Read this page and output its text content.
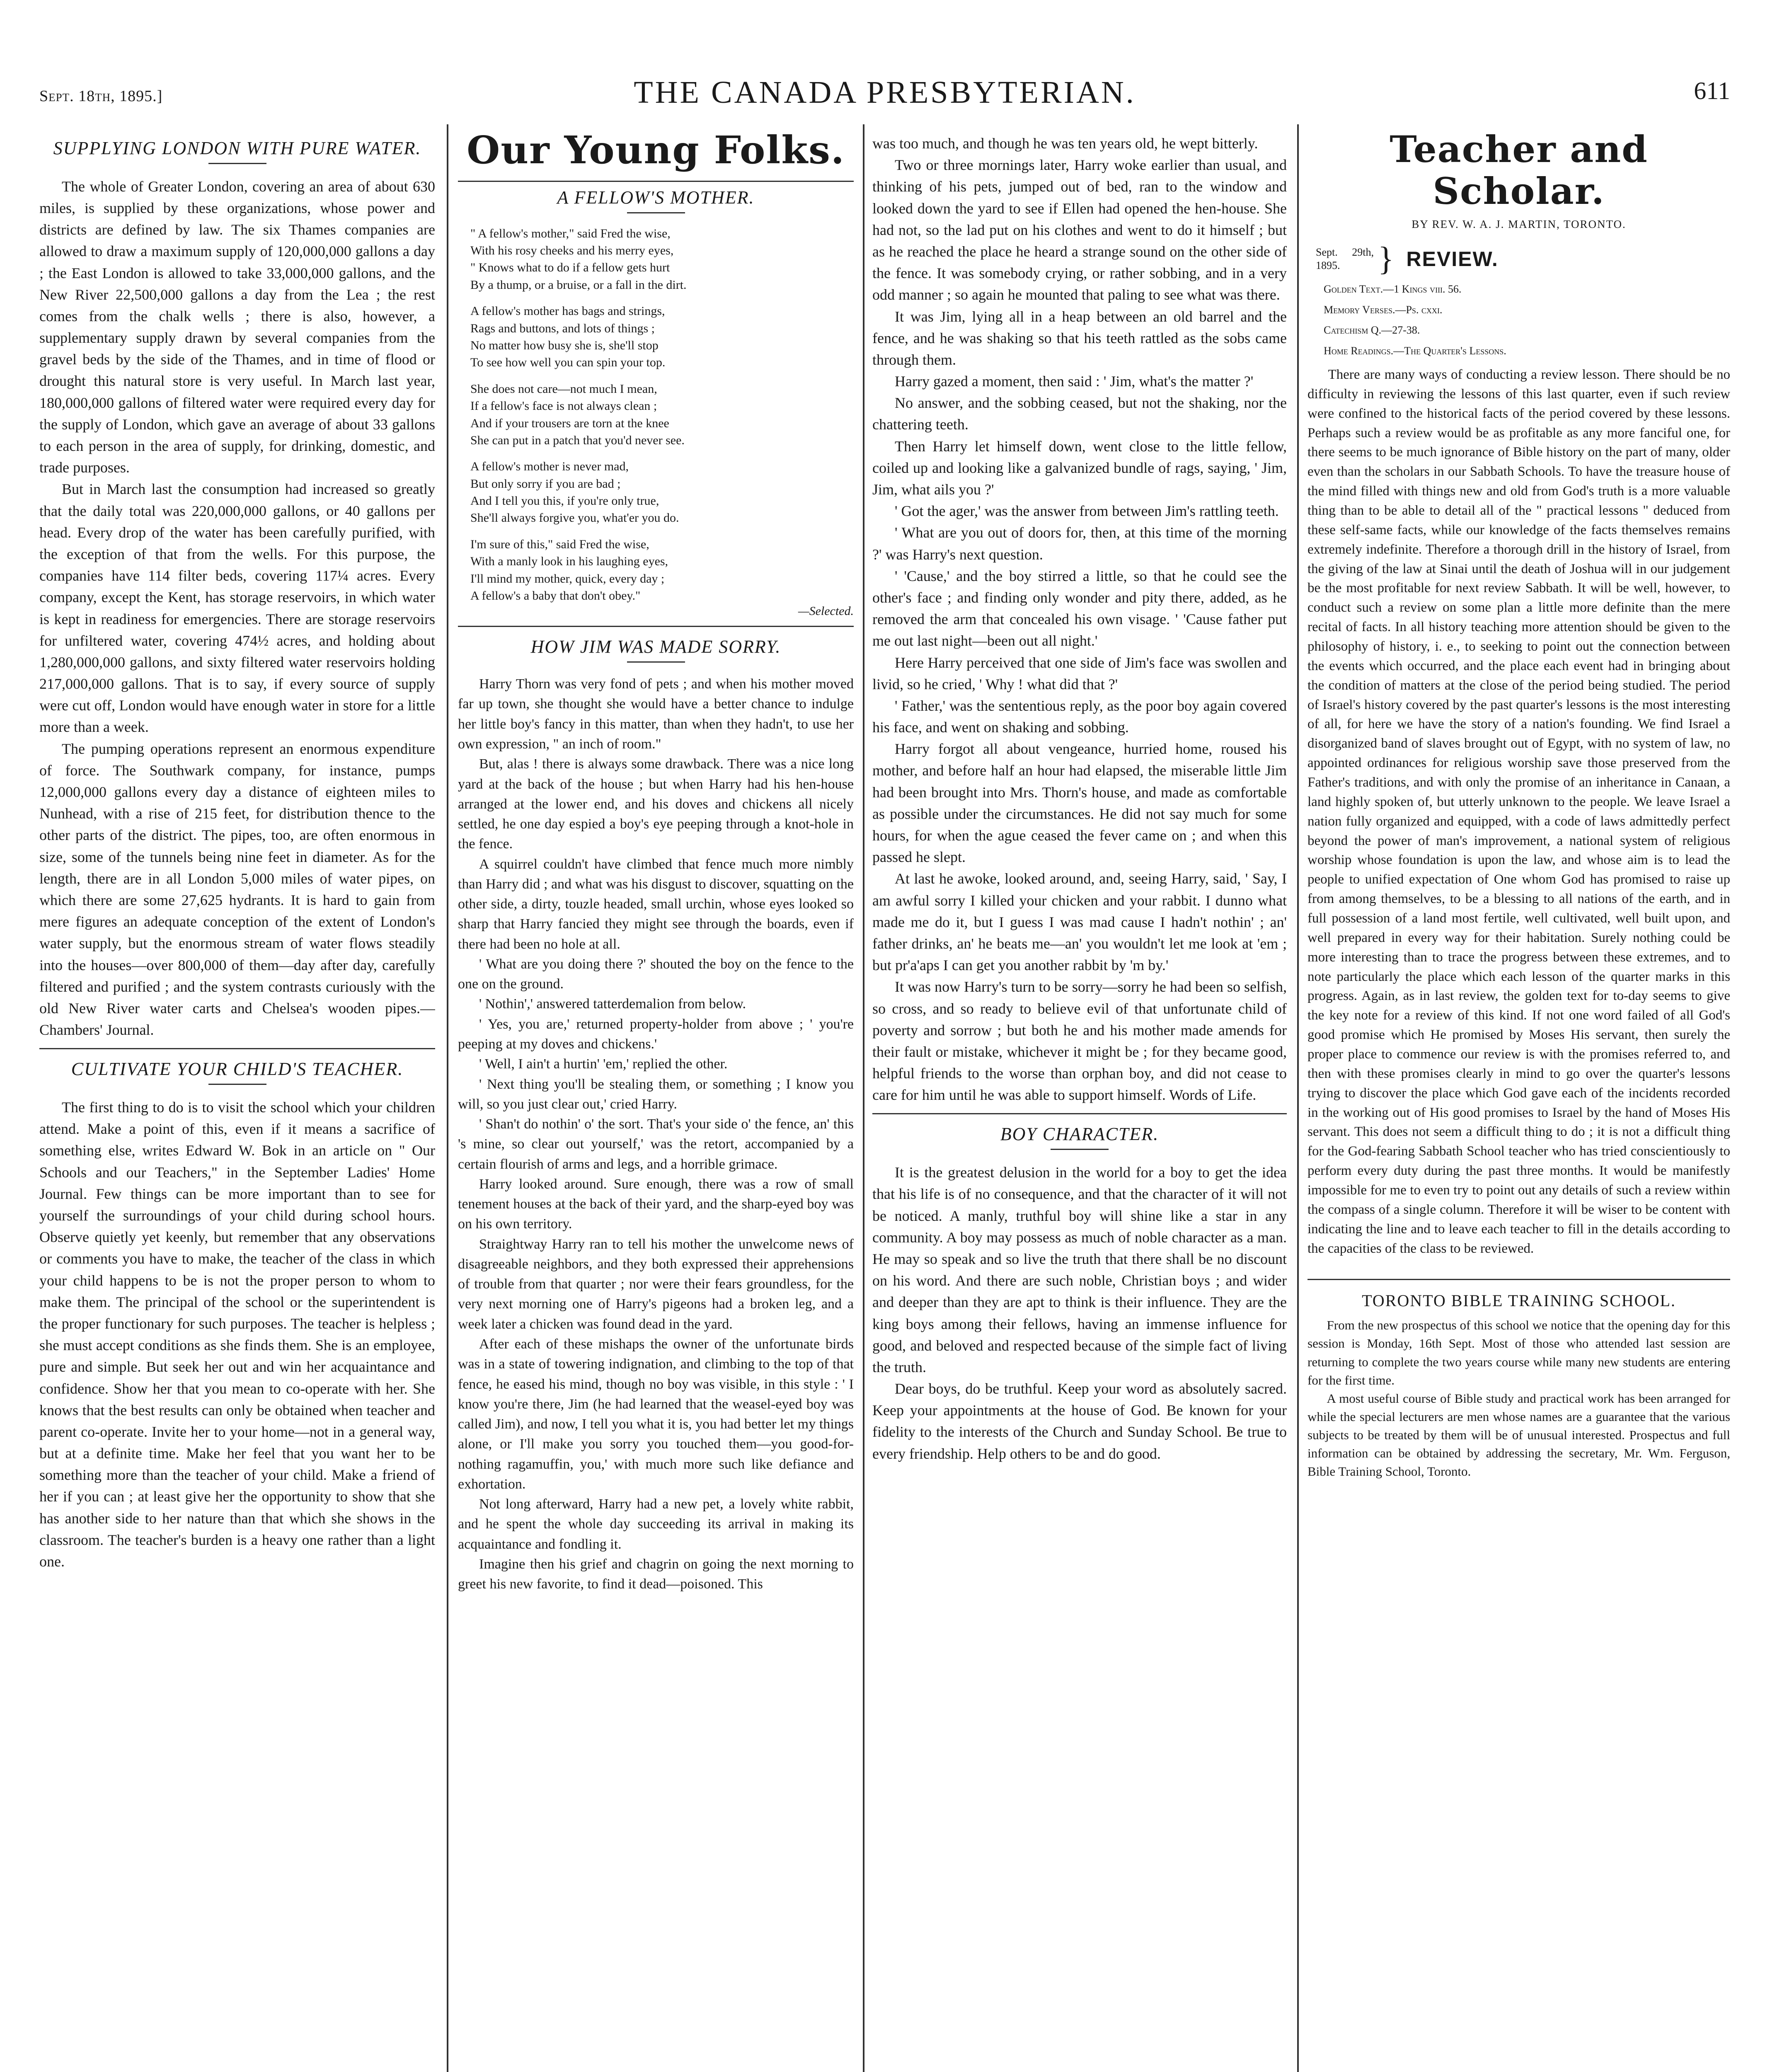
Sept. 18th, 1895.]	THE CANADA PRESBYTERIAN.	611
SUPPLYING LONDON WITH PURE WATER.

The whole of Greater London, covering an area of about 630 miles, is supplied by these organizations, whose power and districts are defined by law. The six Thames companies are allowed to draw a maximum supply of 120,000,000 gallons a day ; the East London is allowed to take 33,000,000 gallons, and the New River 22,500,000 gallons a day from the Lea ; the rest comes from the chalk wells ; there is also, however, a supplementary supply drawn by several companies from the gravel beds by the side of the Thames, and in time of flood or drought this natural store is very useful. In March last year, 180,000,000 gallons of filtered water were required every day for the supply of London, which gave an average of about 33 gallons to each person in the area of supply, for drinking, domestic, and trade purposes.

But in March last the consumption had increased so greatly that the daily total was 220,000,000 gallons, or 40 gallons per head. Every drop of the water has been carefully purified, with the exception of that from the wells. For this purpose, the companies have 114 filter beds, covering 117¼ acres. Every company, except the Kent, has storage reservoirs, in which water is kept in readiness for emergencies. There are storage reservoirs for unfiltered water, covering 474½ acres, and holding about 1,280,000,000 gallons, and sixty filtered water reservoirs holding 217,000,000 gallons. That is to say, if every source of supply were cut off, London would have enough water in store for a little more than a week.

The pumping operations represent an enormous expenditure of force. The Southwark company, for instance, pumps 12,000,000 gallons every day a distance of eighteen miles to Nunhead, with a rise of 215 feet, for distribution thence to the other parts of the district. The pipes, too, are often enormous in size, some of the tunnels being nine feet in diameter. As for the length, there are in all London 5,000 miles of water pipes, on which there are some 27,625 hydrants. It is hard to gain from mere figures an adequate conception of the extent of London's water supply, but the enormous stream of water flows steadily into the houses—over 800,000 of them—day after day, carefully filtered and purified ; and the system contrasts curiously with the old New River water carts and Chelsea's wooden pipes.—Chambers' Journal.

CULTIVATE YOUR CHILD'S TEACHER.

The first thing to do is to visit the school which your children attend. Make a point of this, even if it means a sacrifice of something else, writes Edward W. Bok in an article on " Our Schools and our Teachers," in the September Ladies' Home Journal. Few things can be more important than to see for yourself the surroundings of your child during school hours. Observe quietly yet keenly, but remember that any observations or comments you have to make, the teacher of the class in which your child happens to be is not the proper person to whom to make them. The principal of the school or the superintendent is the proper functionary for such purposes. The teacher is helpless ; she must accept conditions as she finds them. She is an employee, pure and simple. But seek her out and win her acquaintance and confidence. Show her that you mean to co-operate with her. She knows that the best results can only be obtained when teacher and parent co-operate. Invite her to your home—not in a general way, but at a definite time. Make her feel that you want her to be something more than the teacher of your child. Make a friend of her if you can ; at least give her the opportunity to show that she has another side to her nature than that which she shows in the classroom. The teacher's burden is a heavy one rather than a light one.

Our Young Folks.
A FELLOW'S MOTHER.
" A fellow's mother," said Fred the wise,
With his rosy cheeks and his merry eyes,
" Knows what to do if a fellow gets hurt
By a thump, or a bruise, or a fall in the dirt.
A fellow's mother has bags and strings,
Rags and buttons, and lots of things ;
No matter how busy she is, she'll stop
To see how well you can spin your top.
She does not care—not much I mean,
If a fellow's face is not always clean ;
And if your trousers are torn at the knee
She can put in a patch that you'd never see.
A fellow's mother is never mad,
But only sorry if you are bad ;
And I tell you this, if you're only true,
She'll always forgive you, what'er you do.
I'm sure of this," said Fred the wise,
With a manly look in his laughing eyes,
I'll mind my mother, quick, every day ;
A fellow's a baby that don't obey."
—Selected.
HOW JIM WAS MADE SORRY.

Harry Thorn was very fond of pets ; and when his mother moved far up town, she thought she would have a better chance to indulge her little boy's fancy in this matter, than when they hadn't, to use her own expression, " an inch of room."

But, alas ! there is always some drawback. There was a nice long yard at the back of the house ; but when Harry had his hen-house arranged at the lower end, and his doves and chickens all nicely settled, he one day espied a boy's eye peeping through a knot-hole in the fence.

A squirrel couldn't have climbed that fence much more nimbly than Harry did ; and what was his disgust to discover, squatting on the other side, a dirty, touzle headed, small urchin, whose eyes looked so sharp that Harry fancied they might see through the boards, even if there had been no hole at all.

' What are you doing there ?' shouted the boy on the fence to the one on the ground.

' Nothin',' answered tatterdemalion from below.

' Yes, you are,' returned property-holder from above ; ' you're peeping at my doves and chickens.'

' Well, I ain't a hurtin' 'em,' replied the other.

' Next thing you'll be stealing them, or something ; I know you will, so you just clear out,' cried Harry.

' Shan't do nothin' o' the sort. That's your side o' the fence, an' this 's mine, so clear out yourself,' was the retort, accompanied by a certain flourish of arms and legs, and a horrible grimace.

Harry looked around. Sure enough, there was a row of small tenement houses at the back of their yard, and the sharp-eyed boy was on his own territory.

Straightway Harry ran to tell his mother the unwelcome news of disagreeable neighbors, and they both expressed their apprehensions of trouble from that quarter ; nor were their fears groundless, for the very next morning one of Harry's pigeons had a broken leg, and a week later a chicken was found dead in the yard.

After each of these mishaps the owner of the unfortunate birds was in a state of towering indignation, and climbing to the top of that fence, he eased his mind, though no boy was visible, in this style : ' I know you're there, Jim (he had learned that the weasel-eyed boy was called Jim), and now, I tell you what it is, you had better let my things alone, or I'll make you sorry you touched them—you good-for-nothing ragamuffin, you,' with much more such like defiance and exhortation.

Not long afterward, Harry had a new pet, a lovely white rabbit, and he spent the whole day succeeding its arrival in making its acquaintance and fondling it.

Imagine then his grief and chagrin on going the next morning to greet his new favorite, to find it dead—poisoned. This

was too much, and though he was ten years old, he wept bitterly.

Two or three mornings later, Harry woke earlier than usual, and thinking of his pets, jumped out of bed, ran to the window and looked down the yard to see if Ellen had opened the hen-house. She had not, so the lad put on his clothes and went to do it himself ; but as he reached the place he heard a strange sound on the other side of the fence. It was somebody crying, or rather sobbing, and in a very odd manner ; so again he mounted that paling to see what was there.

It was Jim, lying all in a heap between an old barrel and the fence, and he was shaking so that his teeth rattled as the sobs came through them.

Harry gazed a moment, then said : ' Jim, what's the matter ?'

No answer, and the sobbing ceased, but not the shaking, nor the chattering teeth.

Then Harry let himself down, went close to the little fellow, coiled up and looking like a galvanized bundle of rags, saying, ' Jim, Jim, what ails you ?'

' Got the ager,' was the answer from between Jim's rattling teeth.

' What are you out of doors for, then, at this time of the morning ?' was Harry's next question.

' 'Cause,' and the boy stirred a little, so that he could see the other's face ; and finding only wonder and pity there, added, as he removed the arm that concealed his own visage. ' 'Cause father put me out last night—been out all night.'

Here Harry perceived that one side of Jim's face was swollen and livid, so he cried, ' Why ! what did that ?'

' Father,' was the sententious reply, as the poor boy again covered his face, and went on shaking and sobbing.

Harry forgot all about vengeance, hurried home, roused his mother, and before half an hour had elapsed, the miserable little Jim had been brought into Mrs. Thorn's house, and made as comfortable as possible under the circumstances. He did not say much for some hours, for when the ague ceased the fever came on ; and when this passed he slept.

At last he awoke, looked around, and, seeing Harry, said, ' Say, I am awful sorry I killed your chicken and your rabbit. I dunno what made me do it, but I guess I was mad cause I hadn't nothin' ; an' father drinks, an' he beats me—an' you wouldn't let me look at 'em ; but pr'a'aps I can get you another rabbit by 'm by.'

It was now Harry's turn to be sorry—sorry he had been so selfish, so cross, and so ready to believe evil of that unfortunate child of poverty and sorrow ; but both he and his mother made amends for their fault or mistake, whichever it might be ; for they became good, helpful friends to the worse than orphan boy, and did not cease to care for him until he was able to support himself. Words of Life.

BOY CHARACTER.

It is the greatest delusion in the world for a boy to get the idea that his life is of no consequence, and that the character of it will not be noticed. A manly, truthful boy will shine like a star in any community. A boy may possess as much of noble character as a man. He may so speak and so live the truth that there shall be no discount on his word. And there are such noble, Christian boys ; and wider and deeper than they are apt to think is their influence. They are the king boys among their fellows, having an immense influence for good, and beloved and respected because of the simple fact of living the truth.

Dear boys, do be truthful. Keep your word as absolutely sacred. Keep your appointments at the house of God. Be known for your fidelity to the interests of the Church and Sunday School. Be true to every friendship. Help others to be and do good.

Teacher and Scholar.
BY REV. W. A. J. MARTIN, TORONTO.
Sept. 29th, 1895.	} REVIEW.

Golden Text.—1 Kings viii. 56.

Memory Verses.—Ps. cxxi.

Catechism Q.—27-38.

Home Readings.—The Quarter's Lessons.

There are many ways of conducting a review lesson. There should be no difficulty in reviewing the lessons of this last quarter, even if such review were confined to the historical facts of the period covered by these lessons. Perhaps such a review would be as profitable as any more fanciful one, for there seems to be much ignorance of Bible history on the part of many, older even than the scholars in our Sabbath Schools. To have the treasure house of the mind filled with things new and old from God's truth is a more valuable thing than to be able to detail all of the " practical lessons " deduced from these self-same facts, while our knowledge of the facts themselves remains extremely indefinite. Therefore a thorough drill in the history of Israel, from the giving of the law at Sinai until the death of Joshua will in our judgement be the most profitable for next review Sabbath. It will be well, however, to conduct such a review on some plan a little more definite than the mere recital of facts. In all history teaching more attention should be given to the philosophy of history, i. e., to seeking to point out the connection between the events which occurred, and the place each event had in bringing about the condition of matters at the close of the period being studied. The period of Israel's history covered by the past quarter's lessons is the most interesting of all, for here we have the story of a nation's founding. We find Israel a disorganized band of slaves brought out of Egypt, with no system of law, no appointed ordinances for religious worship save those preserved from the Father's traditions, and with only the promise of an inheritance in Canaan, a land highly spoken of, but utterly unknown to the people. We leave Israel a nation fully organized and equipped, with a code of laws admittedly perfect beyond the power of man's improvement, a national system of religious worship whose foundation is upon the law, and whose aim is to lead the people to unified expectation of One whom God has promised to raise up from among themselves, to be a blessing to all nations of the earth, and in full possession of a land most fertile, well cultivated, well built upon, and well prepared in every way for their habitation. Surely nothing could be more interesting than to trace the progress between these extremes, and to note particularly the place which each lesson of the quarter marks in this progress. Again, as in last review, the golden text for to-day seems to give the key note for a review of this kind. If not one word failed of all God's good promise which He promised by Moses His servant, then surely the proper place to commence our review is with the promises referred to, and then with these promises clearly in mind to go over the quarter's lessons trying to discover the place which God gave each of the incidents recorded in the working out of His good promises to Israel by the hand of Moses His servant. This does not seem a difficult thing to do ; it is not a difficult thing for the God-fearing Sabbath School teacher who has tried conscientiously to perform every duty during the past three months. It would be manifestly impossible for me to even try to point out any details of such a review within the compass of a single column. Therefore it will be wiser to be content with indicating the line and to leave each teacher to fill in the details according to the capacities of the class to be reviewed.

TORONTO BIBLE TRAINING SCHOOL.

From the new prospectus of this school we notice that the opening day for this session is Monday, 16th Sept. Most of those who attended last session are returning to complete the two years course while many new students are entering for the first time.

A most useful course of Bible study and practical work has been arranged for while the special lecturers are men whose names are a guarantee that the various subjects to be treated by them will be of unusual interested. Prospectus and full information can be obtained by addressing the secretary, Mr. Wm. Ferguson, Bible Training School, Toronto.
